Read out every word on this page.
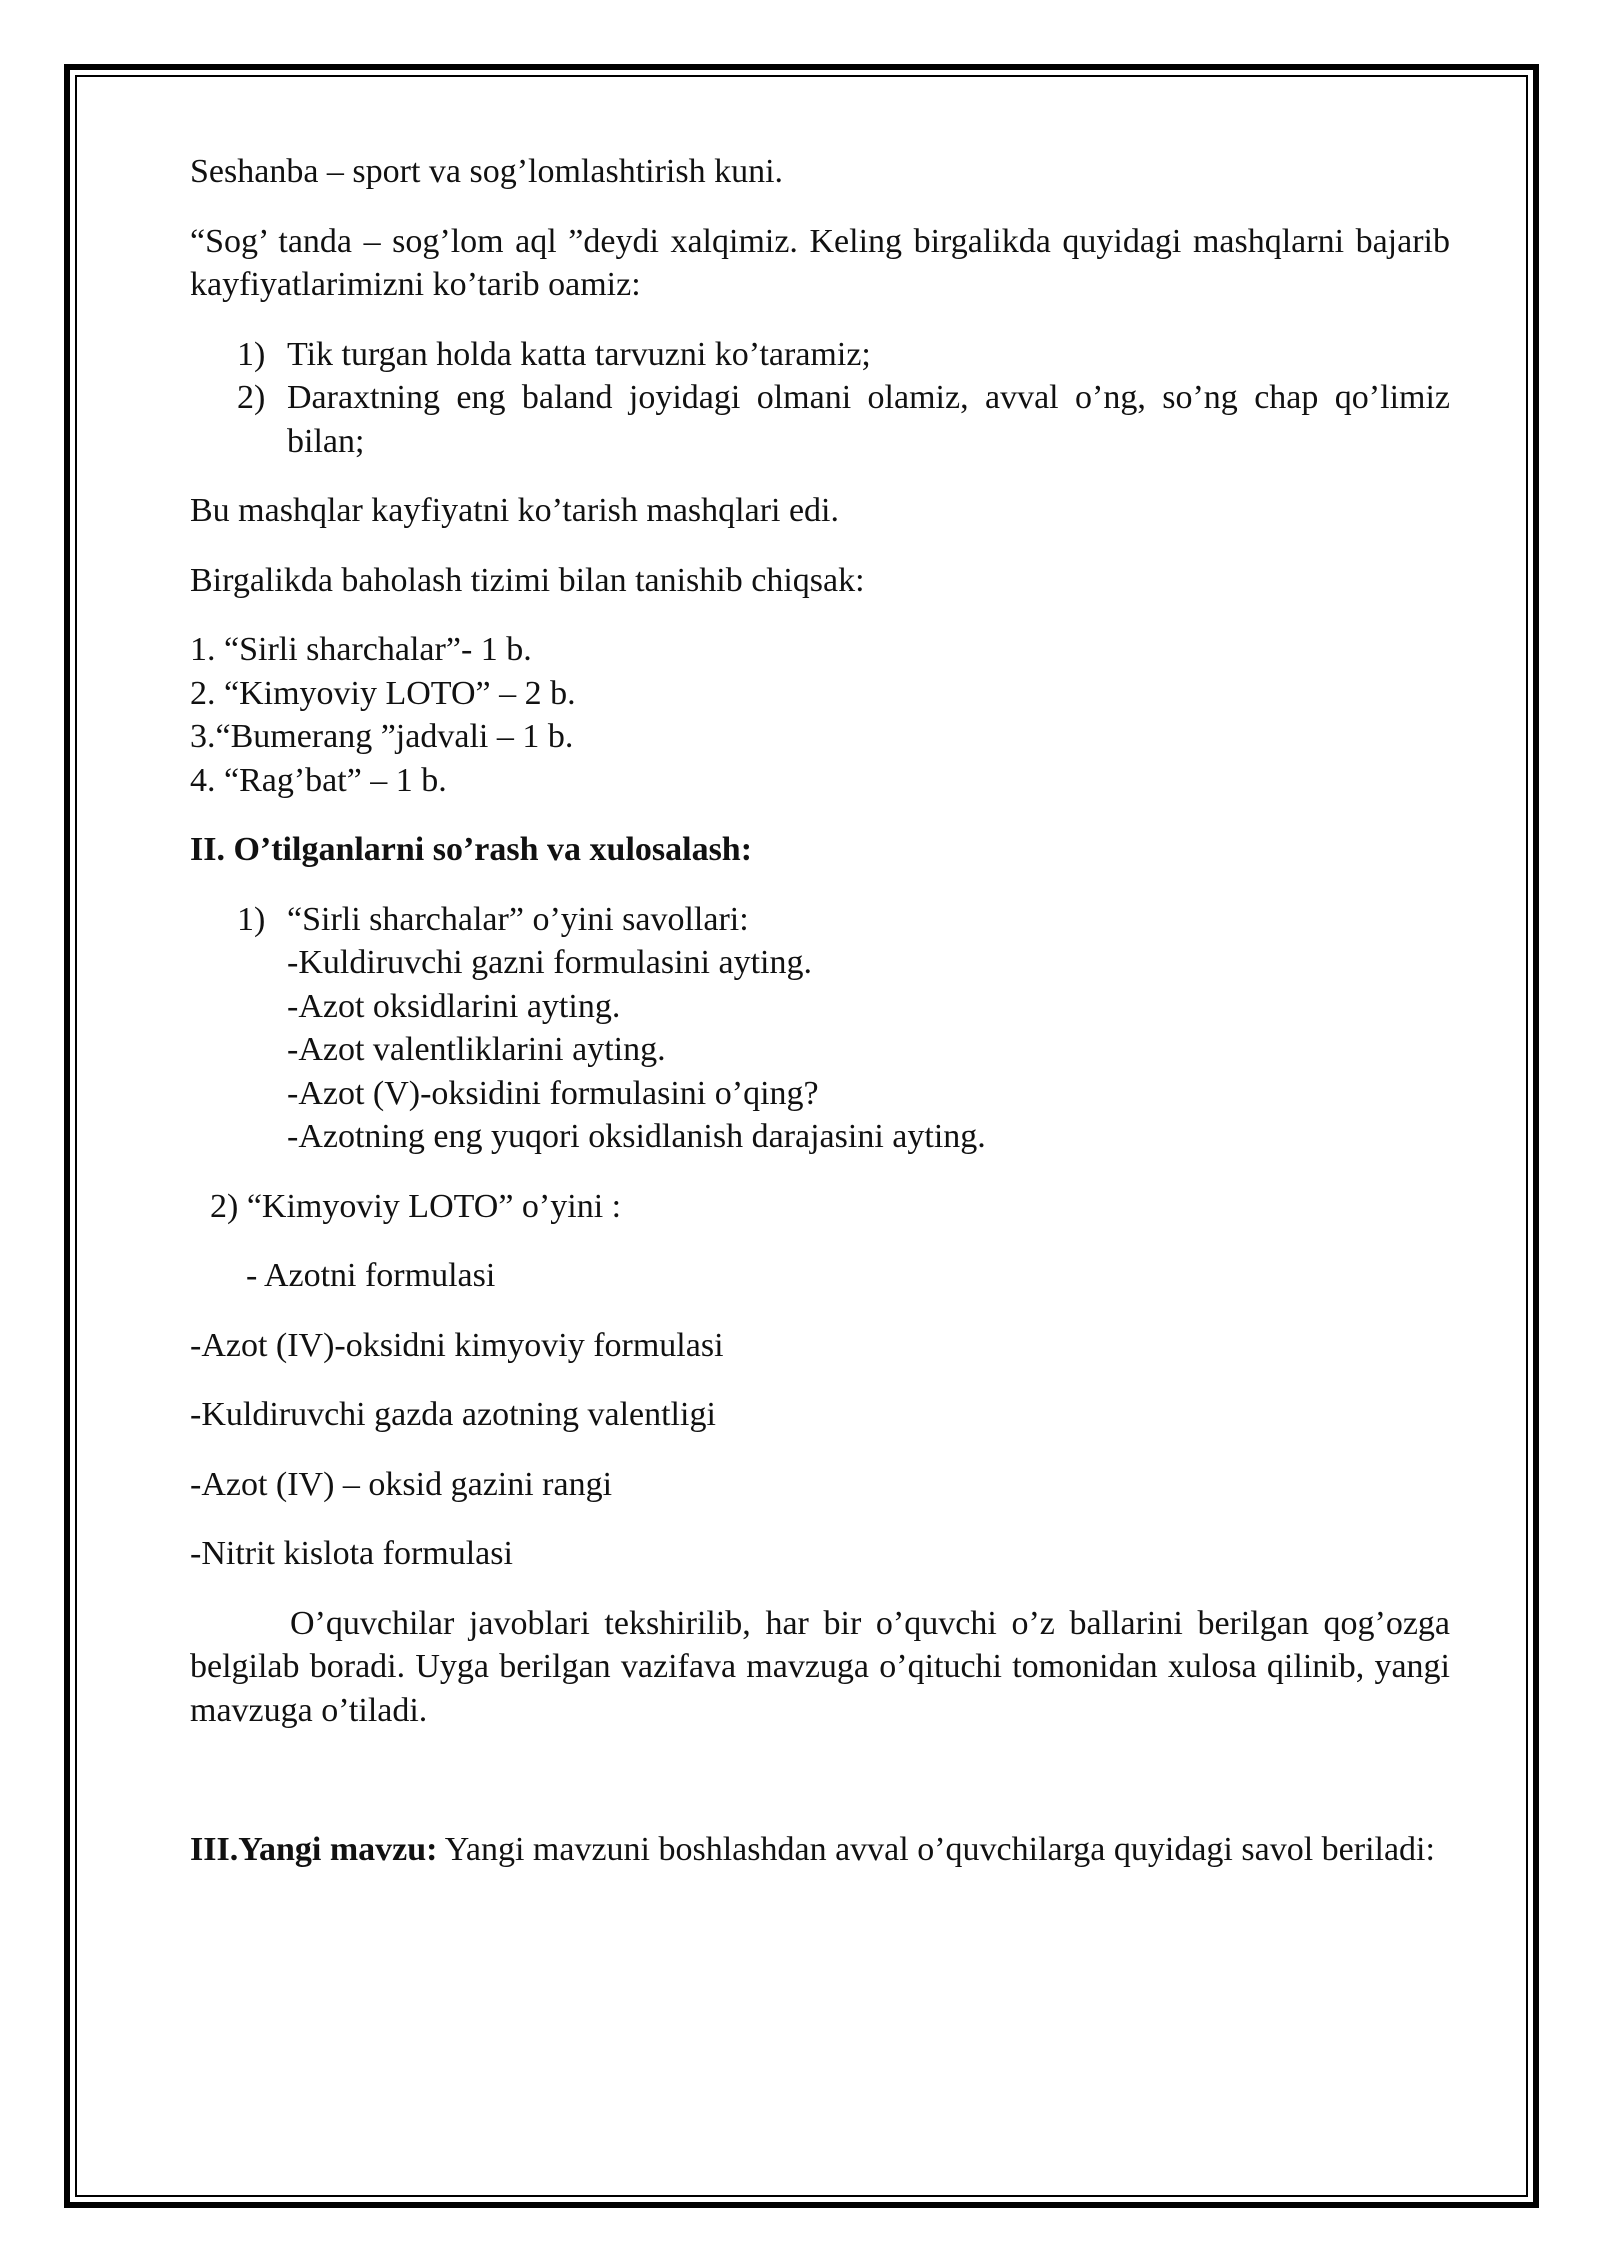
Seshanba – sport va sog’lomlashtirish kuni.
“Sog’ tanda – sog’lom aql ”deydi xalqimiz. Keling birgalikda quyidagi mashqlarni bajarib kayfiyatlarimizni ko’tarib oamiz:
1) Tik turgan holda katta tarvuzni ko’taramiz;
2) Daraxtning eng baland joyidagi olmani olamiz, avval o’ng, so’ng chap qo’limiz bilan;
Bu mashqlar kayfiyatni ko’tarish mashqlari edi.
Birgalikda baholash tizimi bilan tanishib chiqsak:
1. “Sirli sharchalar”- 1 b.
2. “Kimyoviy LOTO” – 2 b.
3.“Bumerang ”jadvali – 1 b.
4. “Rag’bat” – 1 b.
II. O’tilganlarni so’rash va xulosalash:
1) “Sirli sharchalar” o’yini savollari:
-Kuldiruvchi gazni formulasini ayting.
-Azot oksidlarini ayting.
-Azot valentliklarini ayting.
-Azot (V)-oksidini formulasini o’qing?
-Azotning eng yuqori oksidlanish darajasini ayting.
2) “Kimyoviy LOTO” o’yini :
- Azotni formulasi
-Azot (IV)-oksidni kimyoviy formulasi
-Kuldiruvchi gazda azotning valentligi
-Azot (IV) – oksid gazini rangi
-Nitrit kislota formulasi
O’quvchilar javoblari tekshirilib, har bir o’quvchi o’z ballarini berilgan qog’ozga belgilab boradi. Uyga berilgan vazifava mavzuga o’qituchi tomonidan xulosa qilinib, yangi mavzuga o’tiladi.
III.Yangi mavzu: Yangi mavzuni boshlashdan avval o’quvchilarga quyidagi savol beriladi:
